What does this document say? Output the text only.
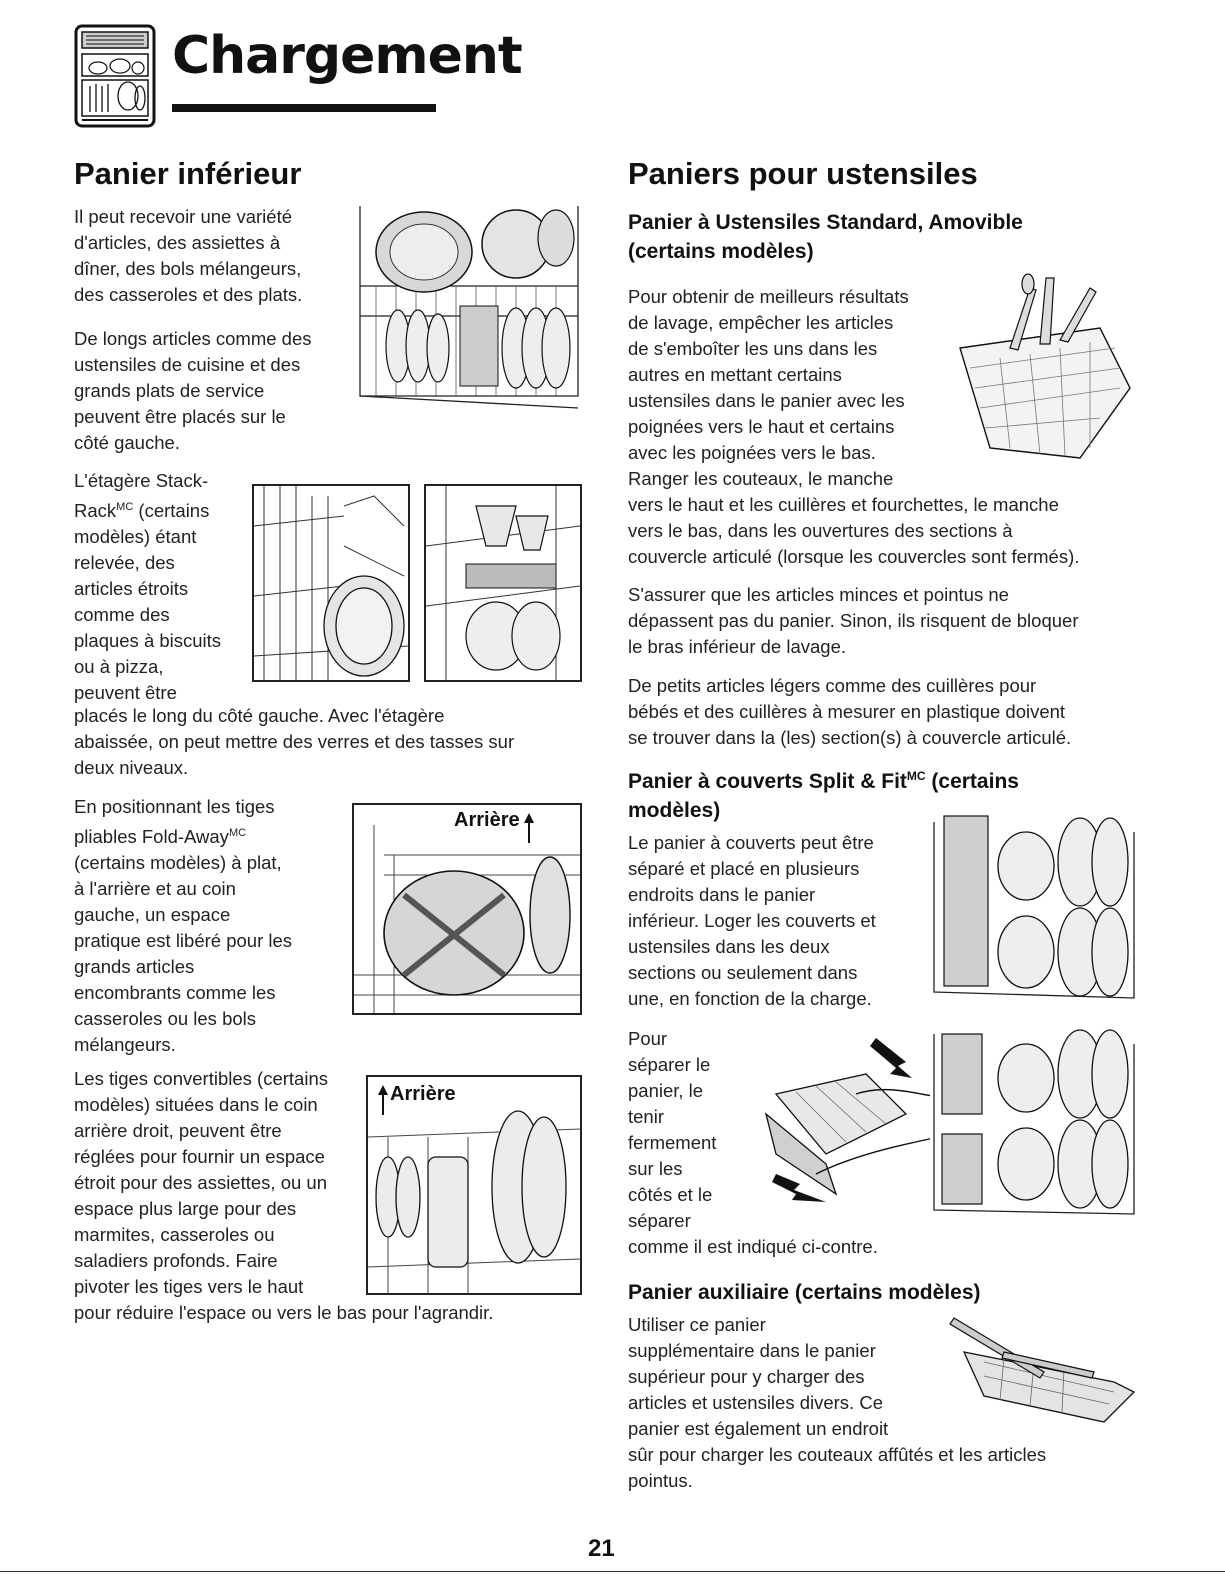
Chargement
Panier inférieur

Il peut recevoir une variété

d'articles, des assiettes à

dîner, des bols mélangeurs,

des casseroles et des plats.

De longs articles comme des

ustensiles de cuisine et des

grands plats de service

peuvent être placés sur le

côté gauche.

L'étagère Stack-

Rack$^{MC}$ (certains

modèles) étant

relevée, des

articles étroits

comme des

plaques à biscuits

ou à pizza,

peuvent être

placés le long du côté gauche. Avec l'étagère

abaissée, on peut mettre des verres et des tasses sur

deux niveaux.

En positionnant les tiges

pliables Fold-Away$^{MC}$

(certains modèles) à plat,

à l'arrière et au coin

gauche, un espace

pratique est libéré pour les

grands articles

encombrants comme les

casseroles ou les bols

mélangeurs.

Arrière

Les tiges convertibles (certains

modèles) situées dans le coin

arrière droit, peuvent être

réglées pour fournir un espace

étroit pour des assiettes, ou un

espace plus large pour des

marmites, casseroles ou

saladiers profonds. Faire

pivoter les tiges vers le haut

pour réduire l'espace ou vers le bas pour l'agrandir.

Arrière
Paniers pour ustensiles
Panier à Ustensiles Standard, Amovible
(certains modèles)

Pour obtenir de meilleurs résultats

de lavage, empêcher les articles

de s'emboîter les uns dans les

autres en mettant certains

ustensiles dans le panier avec les

poignées vers le haut et certains

avec les poignées vers le bas.

Ranger les couteaux, le manche

vers le haut et les cuillères et fourchettes, le manche

vers le bas, dans les ouvertures des sections à

couvercle articulé (lorsque les couvercles sont fermés).

S'assurer que les articles minces et pointus ne

dépassent pas du panier. Sinon, ils risquent de bloquer

le bras inférieur de lavage.

De petits articles légers comme des cuillères pour

bébés et des cuillères à mesurer en plastique doivent

se trouver dans la (les) section(s) à couvercle articulé.

Panier à couverts Split & Fit$^{MC}$ (certains
modèles)

Le panier à couverts peut être

séparé et placé en plusieurs

endroits dans le panier

inférieur. Loger les couverts et

ustensiles dans les deux

sections ou seulement dans

une, en fonction de la charge.

Pour

séparer le

panier, le

tenir

fermement

sur les

côtés et le

séparer

comme il est indiqué ci-contre.

Panier auxiliaire (certains modèles)

Utiliser ce panier

supplémentaire dans le panier

supérieur pour y charger des

articles et ustensiles divers. Ce

panier est également un endroit

sûr pour charger les couteaux affûtés et les articles

pointus.

21
